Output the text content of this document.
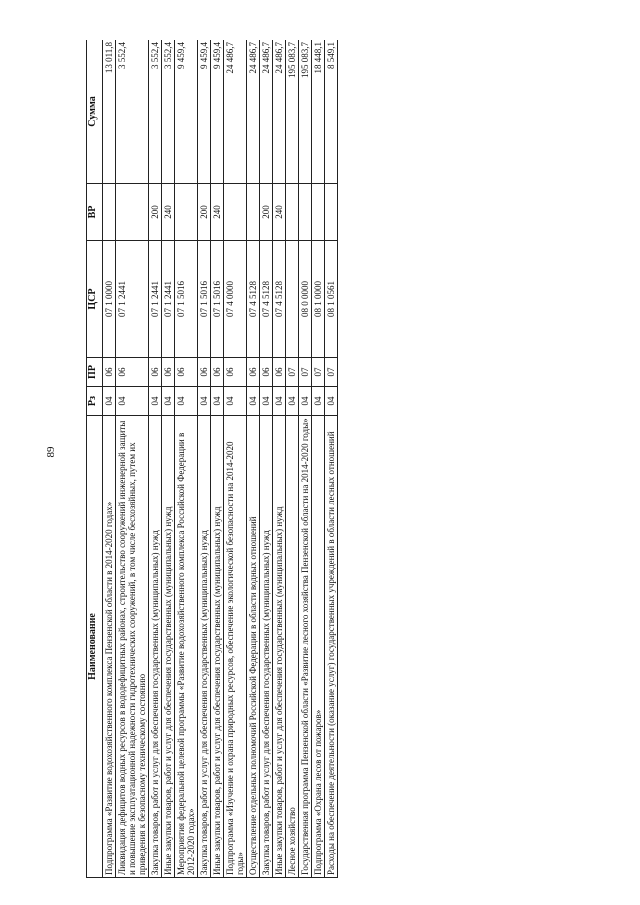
89
Наименование	Рз	ПР	ЦСР	ВР	Сумма
Подпрограмма «Развитие водохозяйственного комплекса Пензенской области в 2014-2020 годах»	04	06	07 1 0000		13 011,8
Ликвидация дефицитов водных ресурсов в вододефицитных районах, строительство сооружений инженерной защиты и повышение эксплуатационной надежности гидротехнических сооружений, в том числе бесхозяйных, путем их приведения к безопасному техническому состоянию	04	06	07 1 2441		3 552,4
Закупка товаров, работ и услуг для обеспечения государственных (муниципальных) нужд	04	06	07 1 2441	200	3 552,4
Иные закупки товаров, работ и услуг для обеспечения государственных (муниципальных) нужд	04	06	07 1 2441	240	3 552,4
Мероприятия федеральной целевой программы «Развитие водохозяйственного комплекса Российской Федерации в 2012-2020 годах»	04	06	07 1 5016		9 459,4
Закупка товаров, работ и услуг для обеспечения государственных (муниципальных) нужд	04	06	07 1 5016	200	9 459,4
Иные закупки товаров, работ и услуг для обеспечения государственных (муниципальных) нужд	04	06	07 1 5016	240	9 459,4
Подпрограмма «Изучение и охрана природных ресурсов, обеспечение экологической безопасности на 2014-2020 годы»	04	06	07 4 0000		24 486,7
Осуществление отдельных полномочий Российской Федерации в области водных отношений	04	06	07 4 5128		24 486,7
Закупка товаров, работ и услуг для обеспечения государственных (муниципальных) нужд	04	06	07 4 5128	200	24 486,7
Иные закупки товаров, работ и услуг для обеспечения государственных (муниципальных) нужд	04	06	07 4 5128	240	24 486,7
Лесное хозяйство	04	07			195 083,7
Государственная программа Пензенской области «Развитие лесного хозяйства Пензенской области на 2014-2020 годы»	04	07	08 0 0000		195 083,7
Подпрограмма «Охрана лесов от пожаров»	04	07	08 1 0000		18 448,1
Расходы на обеспечение деятельности (оказание услуг) государственных учреждений в области лесных отношений	04	07	08 1 0561		8 549,1
